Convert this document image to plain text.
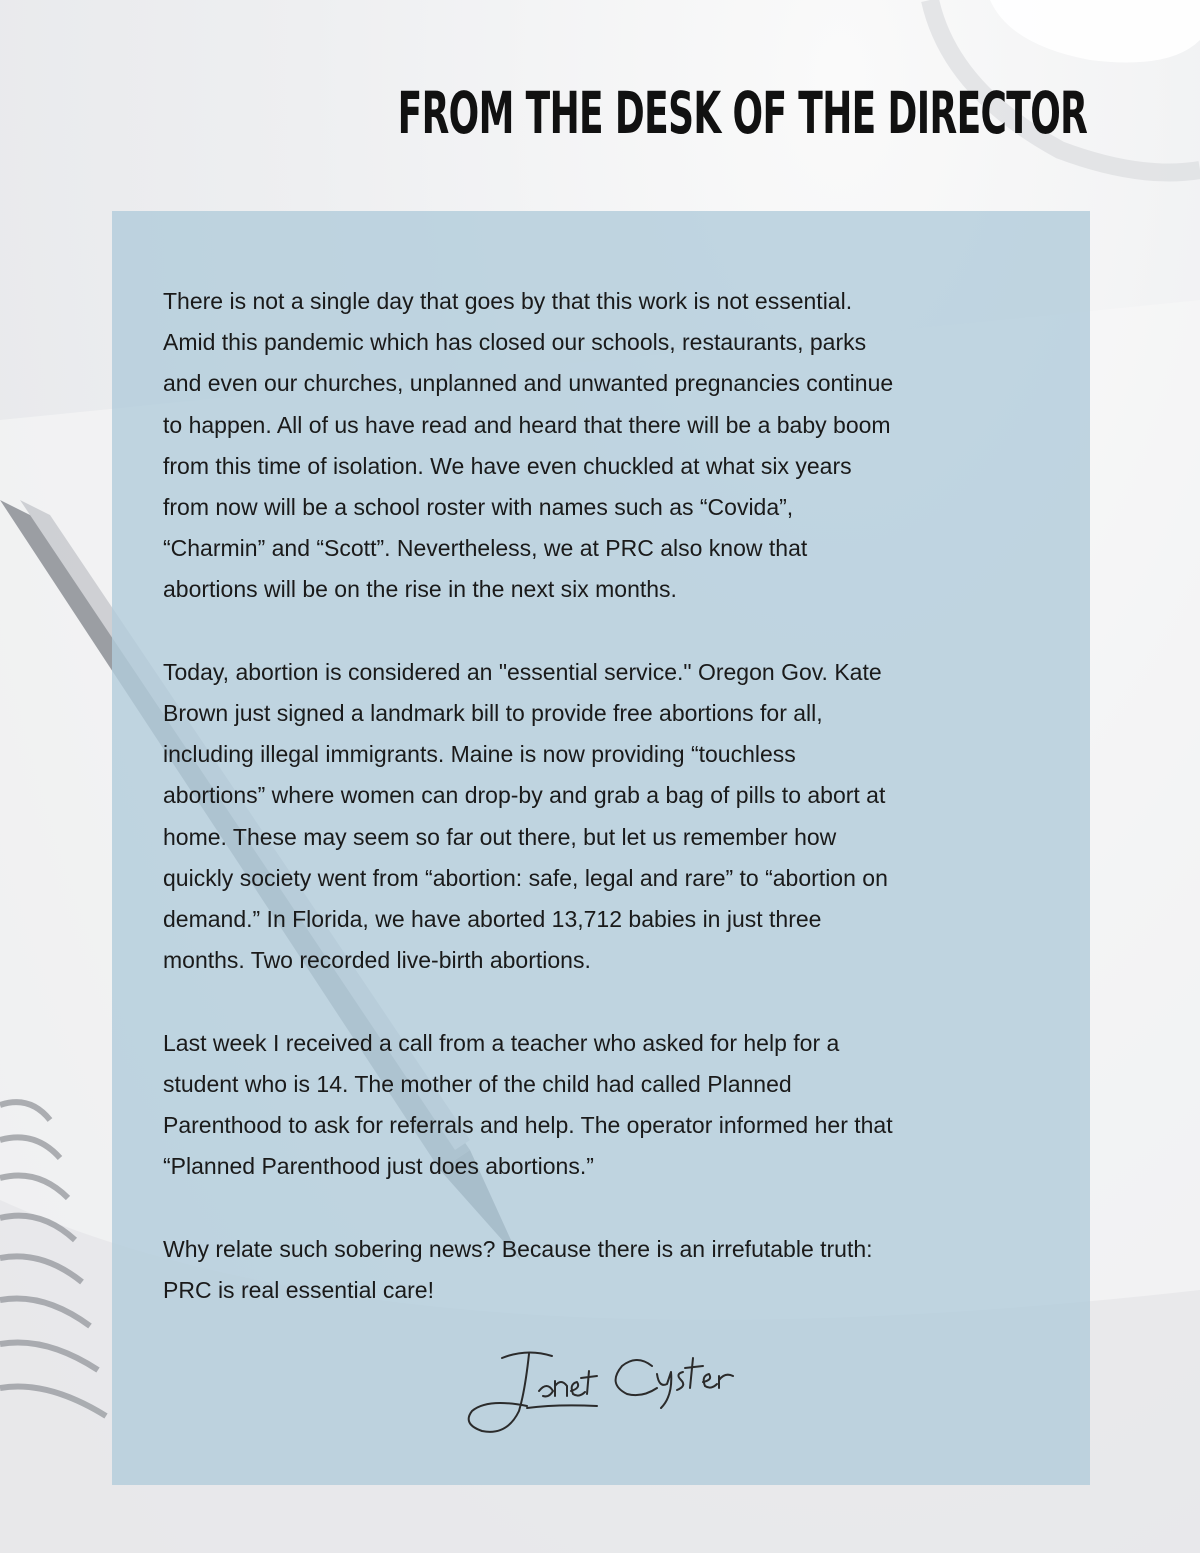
FROM THE DESK OF THE DIRECTOR

There is not a single day that goes by that this work is not essential.
Amid this pandemic which has closed our schools, restaurants, parks
and even our churches, unplanned and unwanted pregnancies continue
to happen. All of us have read and heard that there will be a baby boom
from this time of isolation. We have even chuckled at what six years
from now will be a school roster with names such as “Covida”,
“Charmin” and “Scott”. Nevertheless, we at PRC also know that
abortions will be on the rise in the next six months.

Today, abortion is considered an "essential service." Oregon Gov. Kate
Brown just signed a landmark bill to provide free abortions for all,
including illegal immigrants. Maine is now providing “touchless
abortions” where women can drop-by and grab a bag of pills to abort at
home. These may seem so far out there, but let us remember how
quickly society went from “abortion: safe, legal and rare” to “abortion on
demand.” In Florida, we have aborted 13,712 babies in just three
months. Two recorded live-birth abortions.

Last week I received a call from a teacher who asked for help for a
student who is 14. The mother of the child had called Planned
Parenthood to ask for referrals and help. The operator informed her that
“Planned Parenthood just does abortions.”

Why relate such sobering news? Because there is an irrefutable truth:
PRC is real essential care!
